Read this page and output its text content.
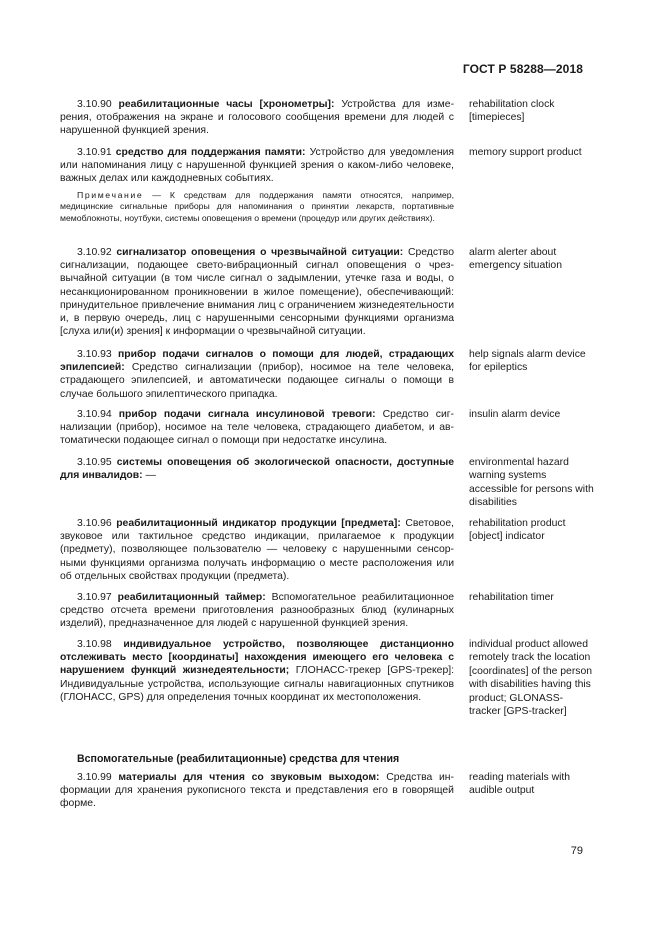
ГОСТ Р 58288—2018

3.10.90 реабилитационные часы [хронометры]: Устройства для измерения, отображения на экране и голосового сообщения времени для людей с нарушенной функцией зрения.

rehabilitation clock [timepieces]

3.10.91 средство для поддержания памяти: Устройство для уведомления или напоминания лицу с нарушенной функцией зрения о каком-либо человеке, важных делах или каждодневных событиях.

memory support product

Примечание — К средствам для поддержания памяти относятся, например, медицинские сигнальные приборы для напоминания о принятии лекарств, портативные мемоблокноты, ноутбуки, системы оповещения о времени (процедур или других действиях).

3.10.92 сигнализатор оповещения о чрезвычайной ситуации: Средство сигнализации, подающее свето-вибрационный сигнал оповещения о чрезвычайной ситуации (в том числе сигнал о задымлении, утечке газа и воды, о несанкционированном проникновении в жилое помещение), обеспечивающий: принудительное привлечение внимания лиц с ограничением жизнедеятельности и, в первую очередь, лиц с нарушенными сенсорными функциями организма [слуха или(и) зрения] к информации о чрезвычайной ситуации.

alarm alerter about emergency situation

3.10.93 прибор подачи сигналов о помощи для людей, страдающих эпилепсией: Средство сигнализации (прибор), носимое на теле человека, страдающего эпилепсией, и автоматически подающее сигналы о помощи в случае большого эпилептического припадка.

help signals alarm device for epileptics

3.10.94 прибор подачи сигнала инсулиновой тревоги: Средство сигнализации (прибор), носимое на теле человека, страдающего диабетом, и автоматически подающее сигнал о помощи при недостатке инсулина.

insulin alarm device

3.10.95 системы оповещения об экологической опасности, доступные для инвалидов: —

environmental hazard warning systems accessible for persons with disabilities

3.10.96 реабилитационный индикатор продукции [предмета]: Световое, звуковое или тактильное средство индикации, прилагаемое к продукции (предмету), позволяющее пользователю — человеку с нарушенными сенсорными функциями организма получать информацию о месте расположения или об отдельных свойствах продукции (предмета).

rehabilitation product [object] indicator

3.10.97 реабилитационный таймер: Вспомогательное реабилитационное средство отсчета времени приготовления разнообразных блюд (кулинарных изделий), предназначенное для людей с нарушенной функцией зрения.

rehabilitation timer

3.10.98 индивидуальное устройство, позволяющее дистанционно отслеживать место [координаты] нахождения имеющего его человека с нарушением функций жизнедеятельности; ГЛОНАСС-трекер [GPS-трекер]: Индивидуальные устройства, использующие сигналы навигационных спутников (ГЛОНАСС, GPS) для определения точных координат их местоположения.

individual product allowed remotely track the location [coordinates] of the person with disabilities having this product; GLONASS-tracker [GPS-tracker]
Вспомогательные (реабилитационные) средства для чтения

3.10.99 материалы для чтения со звуковым выходом: Средства информации для хранения рукописного текста и представления его в говорящей форме.

reading materials with audible output
79
